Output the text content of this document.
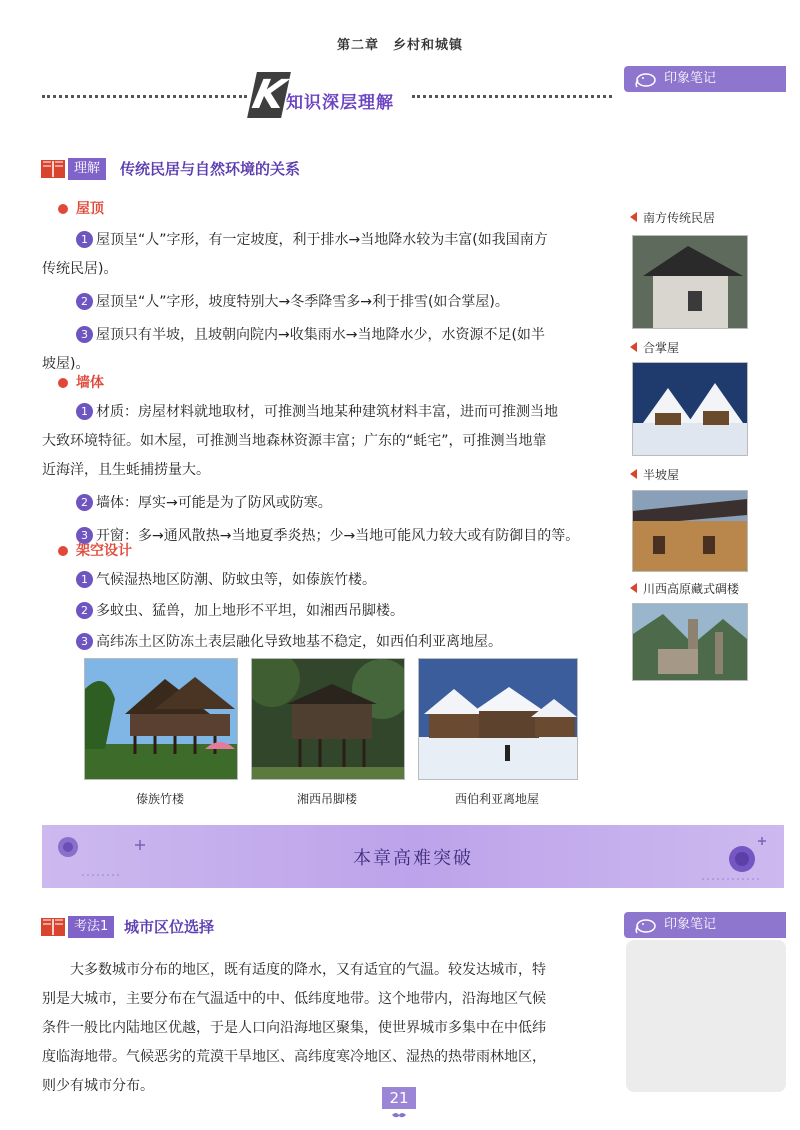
第二章　乡村和城镇
K
知识深层理解
印象笔记
理解	传统民居与自然环境的关系
屋顶
1 屋顶呈“人”字形，有一定坡度，利于排水→当地降水较为丰富(如我国南方
传统民居)。
2 屋顶呈“人”字形，坡度特别大→冬季降雪多→利于排雪(如合掌屋)。
3 屋顶只有半坡，且坡朝向院内→收集雨水→当地降水少，水资源不足(如半
坡屋)。
墙体
1 材质：房屋材料就地取材，可推测当地某种建筑材料丰富，进而可推测当地
大致环境特征。如木屋，可推测当地森林资源丰富；广东的“蚝宅”，可推测当地靠
近海洋，且生蚝捕捞量大。
2 墙体：厚实→可能是为了防风或防寒。
3 开窗：多→通风散热→当地夏季炎热；少→当地可能风力较大或有防御目的等。
架空设计
1 气候湿热地区防潮、防蚊虫等，如傣族竹楼。
2 多蚊虫、猛兽，加上地形不平坦，如湘西吊脚楼。
3 高纬冻土区防冻土表层融化导致地基不稳定，如西伯利亚离地屋。
傣族竹楼	湘西吊脚楼	西伯利亚离地屋
南方传统民居
合掌屋
半坡屋
川西高原藏式碉楼
本章高难突破
考法1	城市区位选择	印象笔记
大多数城市分布的地区，既有适度的降水，又有适宜的气温。较发达城市，特
别是大城市，主要分布在气温适中的中、低纬度地带。这个地带内，沿海地区气候
条件一般比内陆地区优越，于是人口向沿海地区聚集，使世界城市多集中在中低纬
度临海地带。气候恶劣的荒漠干旱地区、高纬度寒冷地区、湿热的热带雨林地区，
则少有城市分布。
21
